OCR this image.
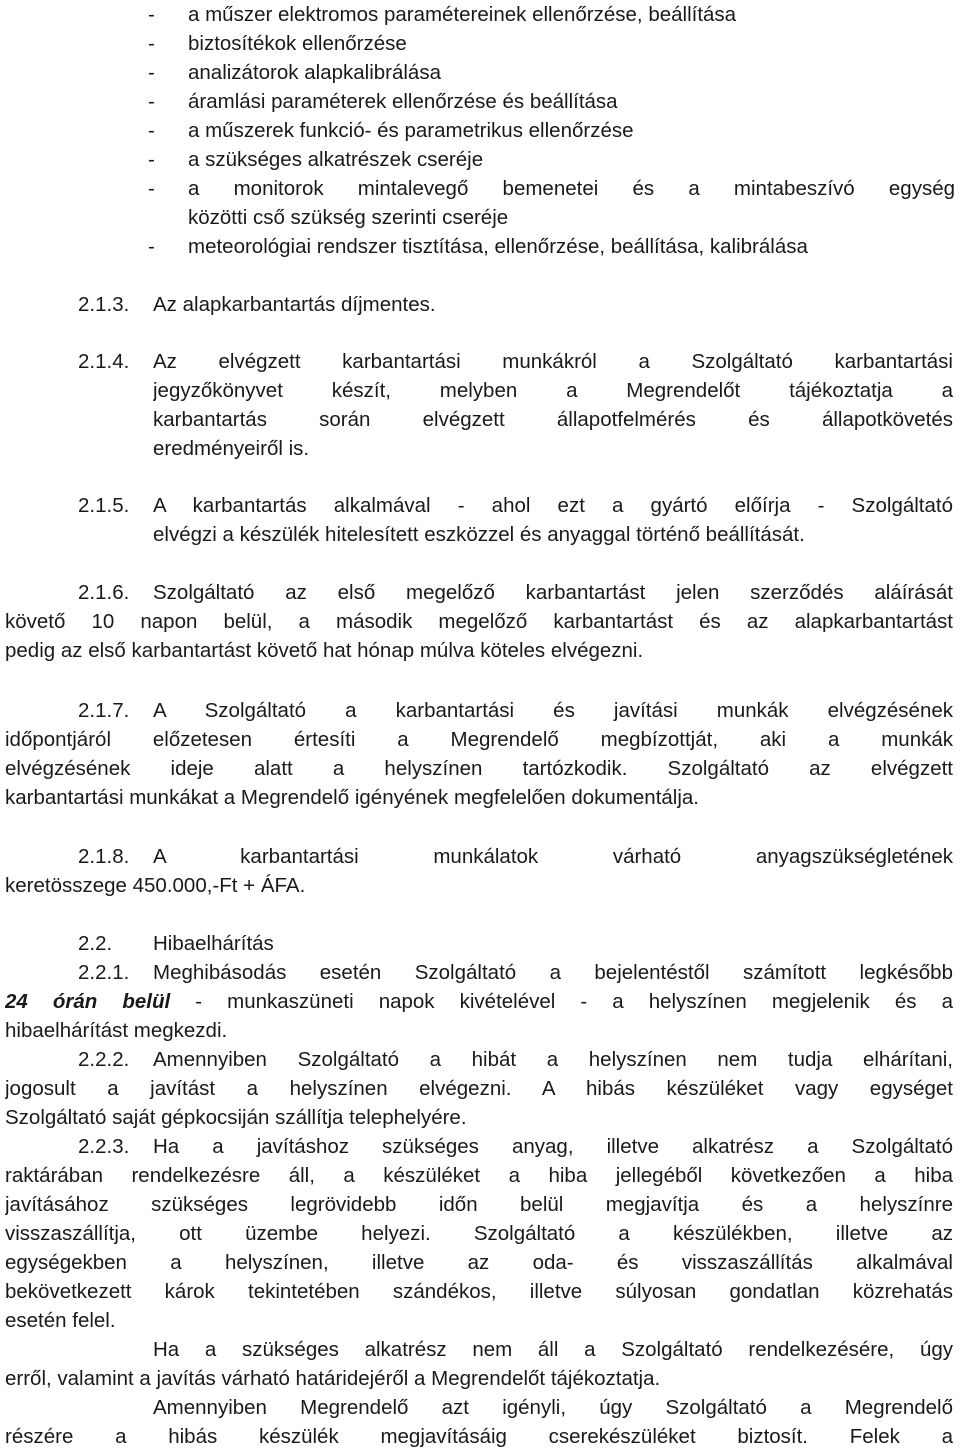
- a műszer elektromos paramétereinek ellenőrzése, beállítása
- biztosítékok ellenőrzése
- analizátorok alapkalibrálása
- áramlási paraméterek ellenőrzése és beállítása
- a műszerek funkció- és parametrikus ellenőrzése
- a szükséges alkatrészek cseréje
- a monitorok mintalevegő bemenetei és a mintabeszívó egység
közötti cső szükség szerinti cseréje
- meteorológiai rendszer tisztítása, ellenőrzése, beállítása, kalibrálása
2.1.3. Az alapkarbantartás díjmentes.
2.1.4. Az elvégzett karbantartási munkákról a Szolgáltató karbantartási
jegyzőkönyvet készít, melyben a Megrendelőt tájékoztatja a
karbantartás során elvégzett állapotfelmérés és állapotkövetés
eredményeiről is.
2.1.5. A karbantartás alkalmával - ahol ezt a gyártó előírja - Szolgáltató
elvégzi a készülék hitelesített eszközzel és anyaggal történő beállítását.
2.1.6. Szolgáltató az első megelőző karbantartást jelen szerződés aláírását
követő 10 napon belül, a második megelőző karbantartást és az alapkarbantartást
pedig az első karbantartást követő hat hónap múlva köteles elvégezni.
2.1.7. A Szolgáltató a karbantartási és javítási munkák elvégzésének
időpontjáról előzetesen értesíti a Megrendelő megbízottját, aki a munkák
elvégzésének ideje alatt a helyszínen tartózkodik. Szolgáltató az elvégzett
karbantartási munkákat a Megrendelő igényének megfelelően dokumentálja.
2.1.8. A karbantartási munkálatok várható anyagszükségletének
keretösszege 450.000,-Ft + ÁFA.
2.2. Hibaelhárítás
2.2.1. Meghibásodás esetén Szolgáltató a bejelentéstől számított legkésőbb
24 órán belül - munkaszüneti napok kivételével - a helyszínen megjelenik és a
hibaelhárítást megkezdi.
2.2.2. Amennyiben Szolgáltató a hibát a helyszínen nem tudja elhárítani,
jogosult a javítást a helyszínen elvégezni. A hibás készüléket vagy egységet
Szolgáltató saját gépkocsiján szállítja telephelyére.
2.2.3. Ha a javításhoz szükséges anyag, illetve alkatrész a Szolgáltató
raktárában rendelkezésre áll, a készüléket a hiba jellegéből következően a hiba
javításához szükséges legrövidebb időn belül megjavítja és a helyszínre
visszaszállítja, ott üzembe helyezi. Szolgáltató a készülékben, illetve az
egységekben a helyszínen, illetve az oda- és visszaszállítás alkalmával
bekövetkezett károk tekintetében szándékos, illetve súlyosan gondatlan közrehatás
esetén felel.
Ha a szükséges alkatrész nem áll a Szolgáltató rendelkezésére, úgy
erről, valamint a javítás várható határidejéről a Megrendelőt tájékoztatja.
Amennyiben Megrendelő azt igényli, úgy Szolgáltató a Megrendelő
részére a hibás készülék megjavításáig cserekészüléket biztosít. Felek a
